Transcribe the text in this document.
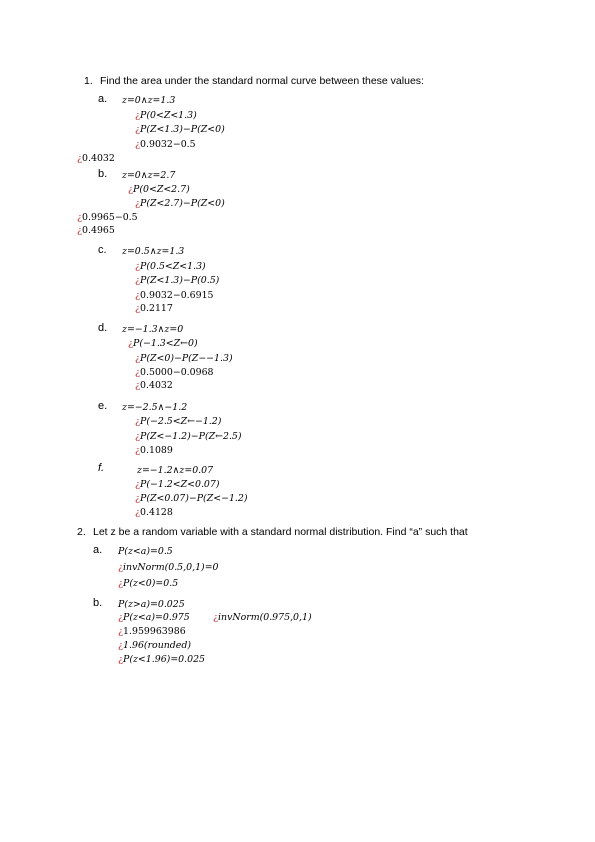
1. Find the area under the standard normal curve between these values:
a. z=0∧z=1.3
¿P(0<Z<1.3)
¿P(Z<1.3)−P(Z<0)
¿0.9032−0.5
¿0.4032
b. z=0∧z=2.7
¿P(0<Z<2.7)
¿P(Z<2.7)−P(Z<0)
¿0.9965−0.5
¿0.4965
c. z=0.5∧z=1.3
¿P(0.5<Z<1.3)
¿P(Z<1.3)−P(0.5)
¿0.9032−0.6915
¿0.2117
d. z=−1.3∧z=0
¿P(−1.3<Z←0)
¿P(Z<0)−P(Z−−1.3)
¿0.5000−0.0968
¿0.4032
e. z=−2.5∧−1.2
¿P(−2.5<Z←−1.2)
¿P(Z<−1.2)−P(Z←2.5)
¿0.1089
f.	z=−1.2∧z=0.07
¿P(−1.2<Z<0.07)
¿P(Z<0.07)−P(Z<−1.2)
¿0.4128
2. Let z be a random variable with a standard normal distribution. Find “a” such that
a. P(z<a)=0.5
¿invNorm(0.5,0,1)=0
¿P(z<0)=0.5
b. P(z>a)=0.025
¿P(z<a)=0.975 ¿invNorm(0.975,0,1)
¿1.959963986
¿1.96(rounded)
¿P(z<1.96)=0.025
